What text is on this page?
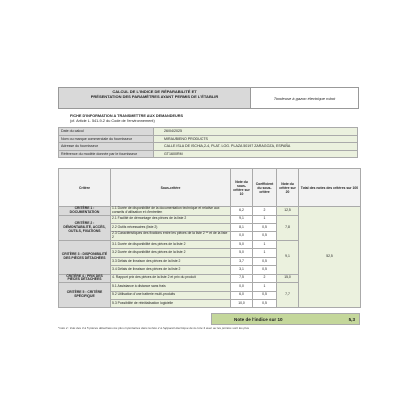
CALCUL DE L'INDICE DE RÉPARABILITÉ ET
PRÉSENTATION DES PARAMÈTRES AYANT PERMIS DE L'ÉTABLIR	Tondeuse à gazon électrique robot
FICHE D'INFORMATION A TRANSMETTRE AUX DEMANDEURS
(cf. Article L. 541-9-2 du Code de l'environnement)
Date du calcul	26/04/2025
Nom ou marque commerciale du fournisseur	MIRAUBIENO PRODUCTS
Adresse du fournisseur	CALLE ISLA DE ISCHIA,2-4, PLAT. LOG. PLAZA 50197 ZARAGOZA, ESPAÑA
Référence du modèle donnée par le fournisseur	GT1600RM
Critère	Sous-critère	Note du sous-critère sur 10	Coefficient du sous-critère	Note du critère sur 20	Total des notes des critères sur 100
CRITÈRE 1 : DOCUMENTATION	1.1 Durée de disponibilité de la documentation technique et relative aux conseils d'utilisation et d'entretien	6,2	2	12,5	52,5
CRITÈRE 2 : DÉMONTABILITÉ, ACCÈS, OUTILS, FIXATIONS	2.1 Facilité de démontage des pièces de la liste 2	9,1	1	7,8	
	2.2 Outils nécessaires (liste 2)	8,1	0,5		
	2.3 Caractéristiques des fixations entre les pièces de la liste 2 ** et de la liste 2	0,0	0,5		
CRITÈRE 3 : DISPONIBILITÉ DES PIÈCES DÉTACHÉES	3.1 Durée de disponibilité des pièces de la liste 2	5,0	1	9,1	
	3.2 Durée de disponibilité des pièces de la liste 2	5,0	1		
	3.3 Délais de livraison des pièces de la liste 2	3,7	0,5		
	3.4 Délais de livraison des pièces de la liste 2	3,1	0,5		
CRITÈRE 4 : PRIX DES PIÈCES DÉTACHÉES	4. Rapport prix des pièces de la liste 2 et prix du produit	7,5	2	15,0	
CRITÈRE 5 : CRITÈRE SPÉCIFIQUE	5.1 Assistance à distance sans frais	0,0	1	7,7	
	5.2 Utilisation d'une batterie multi-produits	6,0	0,5		
	5.3 Possibilité de réinitialisation logicielle	10,0	0,5		
Note de l'indice sur 10	5,3
*note 2 : liste des 3 à 5 pièces détachées les plus importantes dans la liste 2 à l'appareil électrique de la note 3 avec au les pointes sont les plus
